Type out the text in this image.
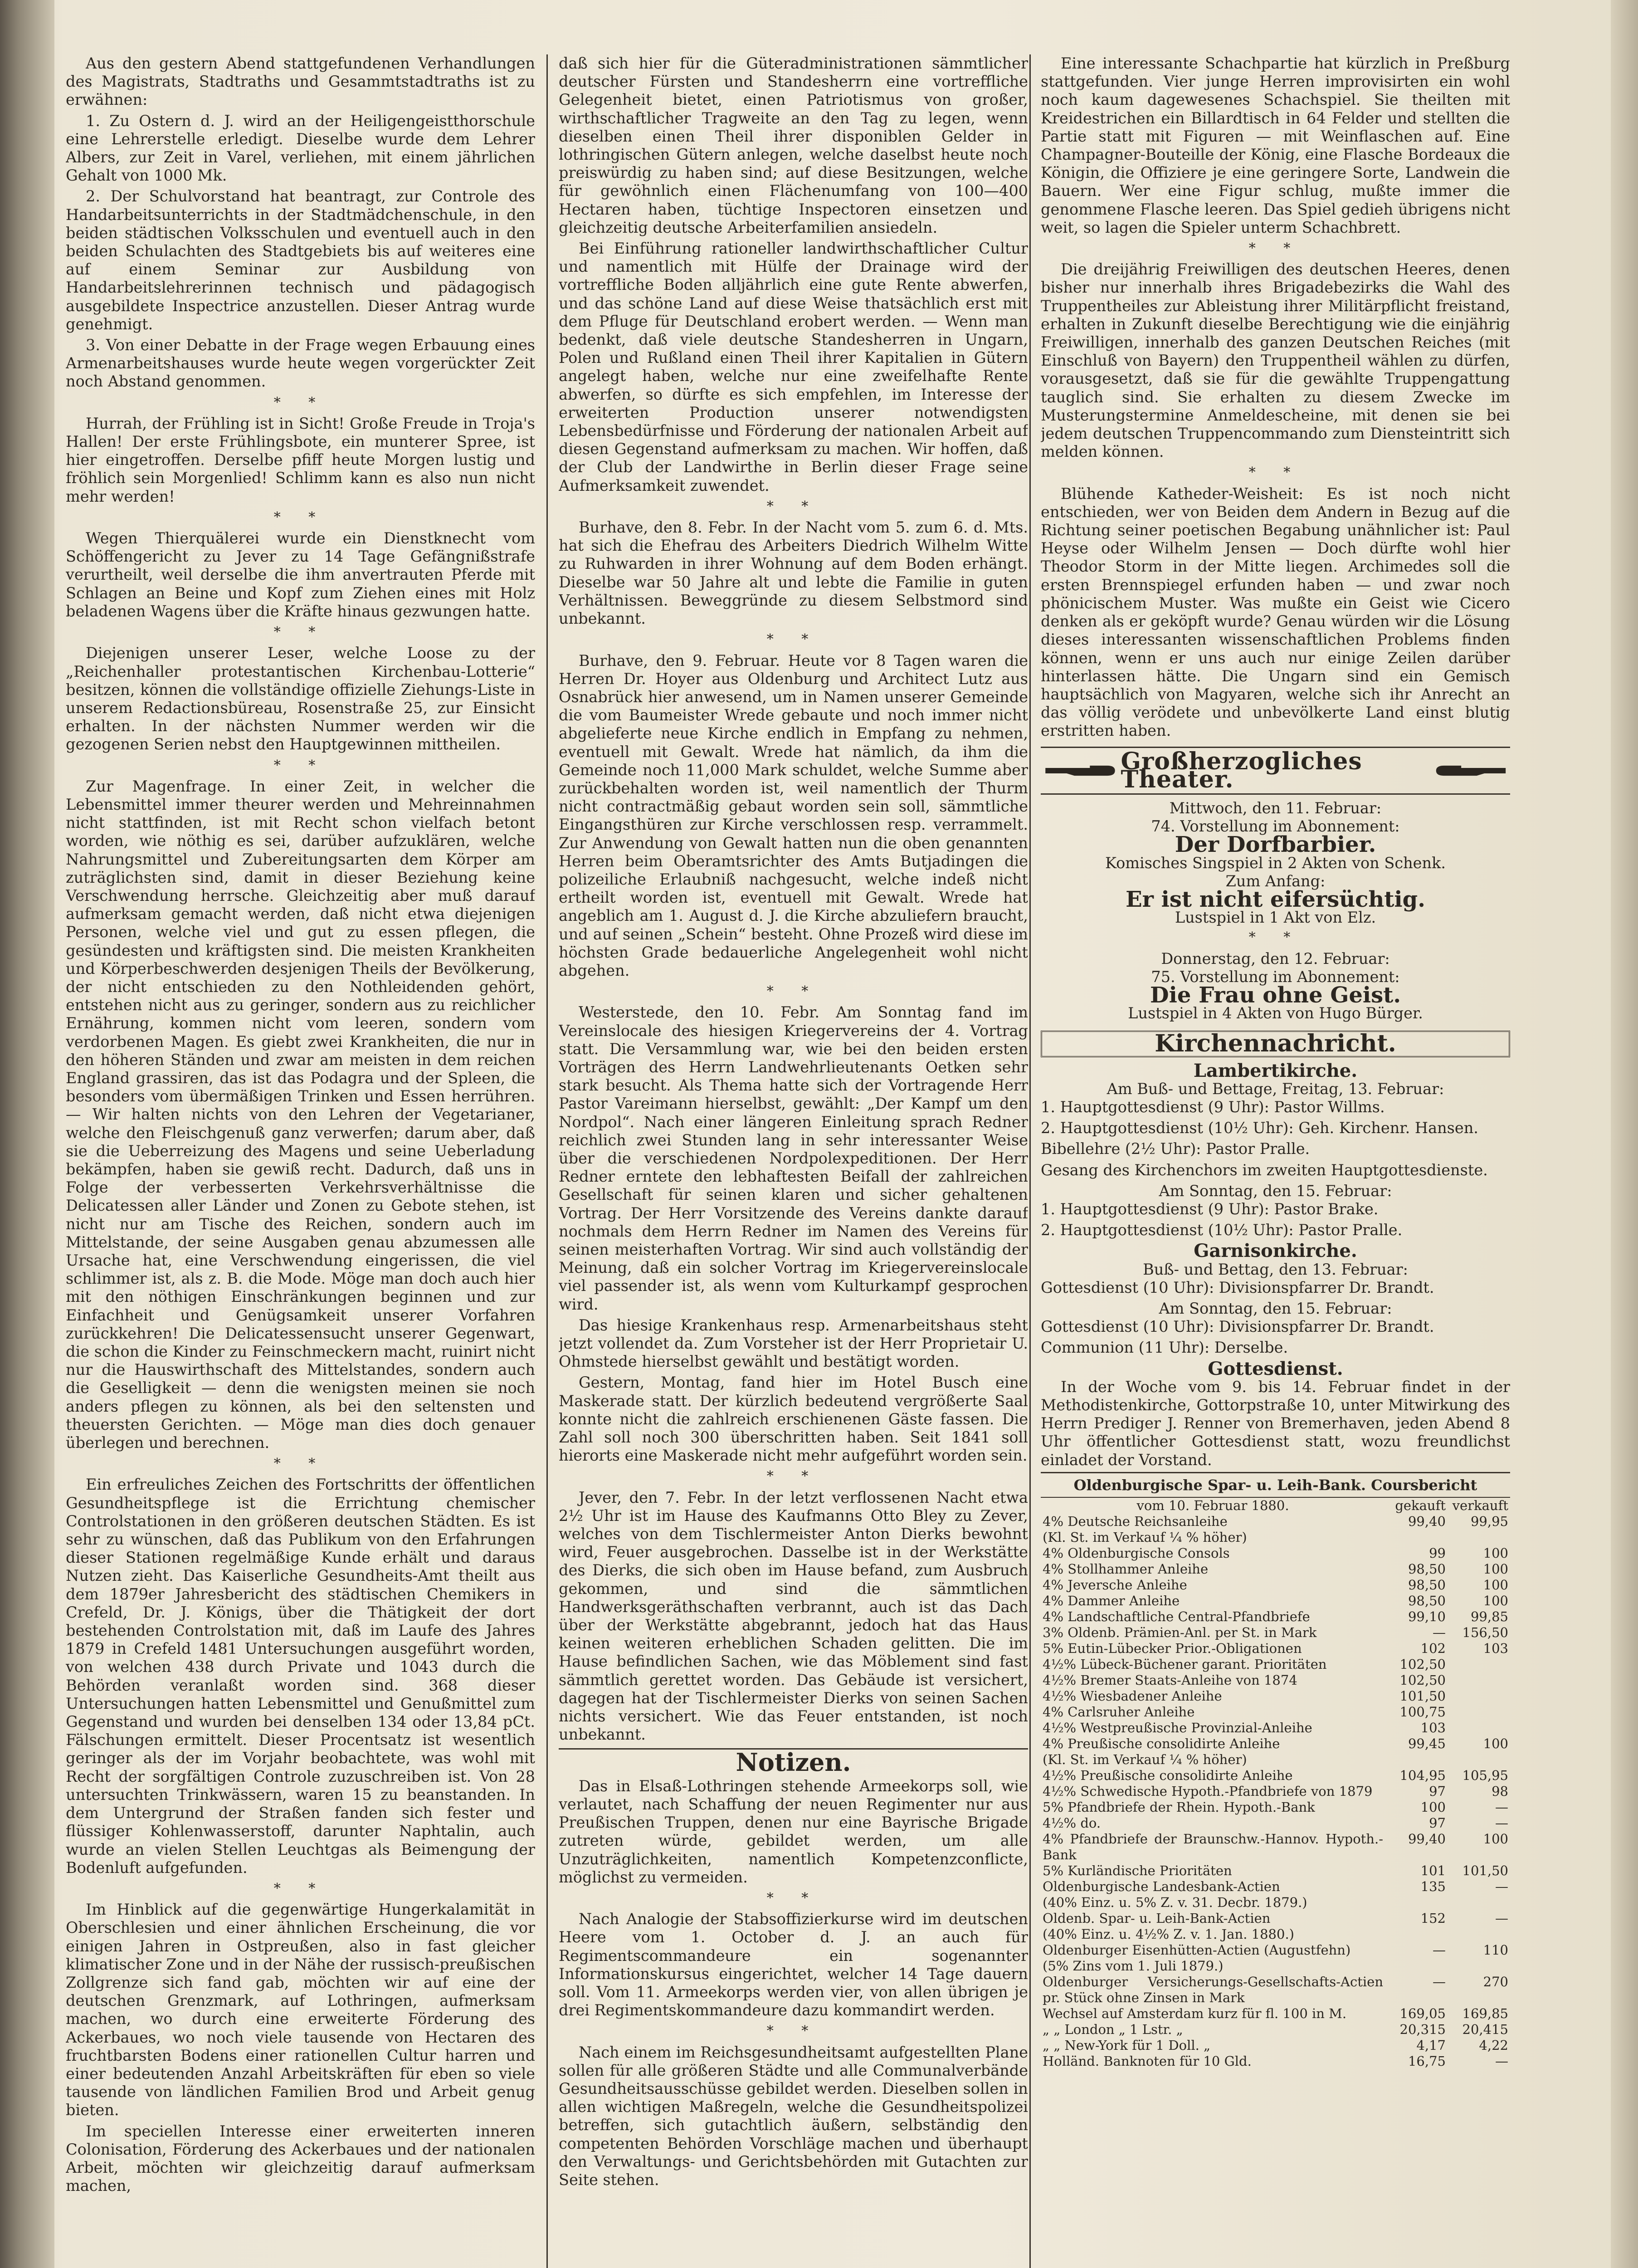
Aus den gestern Abend stattgefundenen Verhandlungen des Magistrats, Stadtraths und Gesammtstadtraths ist zu erwähnen:

1. Zu Ostern d. J. wird an der Heiligengeistthorschule eine Lehrerstelle erledigt. Dieselbe wurde dem Lehrer Albers, zur Zeit in Varel, verliehen, mit einem jährlichen Gehalt von 1000 Mk.

2. Der Schulvorstand hat beantragt, zur Controle des Handarbeitsunterrichts in der Stadtmädchenschule, in den beiden städtischen Volksschulen und eventuell auch in den beiden Schulachten des Stadtgebiets bis auf weiteres eine auf einem Seminar zur Ausbildung von Handarbeitslehrerinnen technisch und pädagogisch ausgebildete Inspectrice anzustellen. Dieser Antrag wurde genehmigt.

3. Von einer Debatte in der Frage wegen Erbauung eines Armenarbeitshauses wurde heute wegen vorgerückter Zeit noch Abstand genommen.

* *

Hurrah, der Frühling ist in Sicht! Große Freude in Troja's Hallen! Der erste Frühlingsbote, ein munterer Spree, ist hier eingetroffen. Derselbe pfiff heute Morgen lustig und fröhlich sein Morgenlied! Schlimm kann es also nun nicht mehr werden!

* *

Wegen Thierquälerei wurde ein Dienstknecht vom Schöffengericht zu Jever zu 14 Tage Gefängnißstrafe verurtheilt, weil derselbe die ihm anvertrauten Pferde mit Schlagen an Beine und Kopf zum Ziehen eines mit Holz beladenen Wagens über die Kräfte hinaus gezwungen hatte.

* *

Diejenigen unserer Leser, welche Loose zu der „Reichenhaller protestantischen Kirchenbau-Lotterie“ besitzen, können die vollständige offizielle Ziehungs-Liste in unserem Redactionsbüreau, Rosenstraße 25, zur Einsicht erhalten. In der nächsten Nummer werden wir die gezogenen Serien nebst den Hauptgewinnen mittheilen.

* *

Zur Magenfrage. In einer Zeit, in welcher die Lebensmittel immer theurer werden und Mehreinnahmen nicht stattfinden, ist mit Recht schon vielfach betont worden, wie nöthig es sei, darüber aufzuklären, welche Nahrungsmittel und Zubereitungsarten dem Körper am zuträglichsten sind, damit in dieser Beziehung keine Verschwendung herrsche. Gleichzeitig aber muß darauf aufmerksam gemacht werden, daß nicht etwa diejenigen Personen, welche viel und gut zu essen pflegen, die gesündesten und kräftigsten sind. Die meisten Krankheiten und Körperbeschwerden desjenigen Theils der Bevölkerung, der nicht entschieden zu den Nothleidenden gehört, entstehen nicht aus zu geringer, sondern aus zu reichlicher Ernährung, kommen nicht vom leeren, sondern vom verdorbenen Magen. Es giebt zwei Krankheiten, die nur in den höheren Ständen und zwar am meisten in dem reichen England grassiren, das ist das Podagra und der Spleen, die besonders vom übermäßigen Trinken und Essen herrühren. — Wir halten nichts von den Lehren der Vegetarianer, welche den Fleischgenuß ganz verwerfen; darum aber, daß sie die Ueberreizung des Magens und seine Ueberladung bekämpfen, haben sie gewiß recht. Dadurch, daß uns in Folge der verbesserten Verkehrsverhältnisse die Delicatessen aller Länder und Zonen zu Gebote stehen, ist nicht nur am Tische des Reichen, sondern auch im Mittelstande, der seine Ausgaben genau abzumessen alle Ursache hat, eine Verschwendung eingerissen, die viel schlimmer ist, als z. B. die Mode. Möge man doch auch hier mit den nöthigen Einschränkungen beginnen und zur Einfachheit und Genügsamkeit unserer Vorfahren zurückkehren! Die Delicatessensucht unserer Gegenwart, die schon die Kinder zu Feinschmeckern macht, ruinirt nicht nur die Hauswirthschaft des Mittelstandes, sondern auch die Geselligkeit — denn die wenigsten meinen sie noch anders pflegen zu können, als bei den seltensten und theuersten Gerichten. — Möge man dies doch genauer überlegen und berechnen.

* *

Ein erfreuliches Zeichen des Fortschritts der öffentlichen Gesundheitspflege ist die Errichtung chemischer Controlstationen in den größeren deutschen Städten. Es ist sehr zu wünschen, daß das Publikum von den Erfahrungen dieser Stationen regelmäßige Kunde erhält und daraus Nutzen zieht. Das Kaiserliche Gesundheits-Amt theilt aus dem 1879er Jahresbericht des städtischen Chemikers in Crefeld, Dr. J. Königs, über die Thätigkeit der dort bestehenden Controlstation mit, daß im Laufe des Jahres 1879 in Crefeld 1481 Untersuchungen ausgeführt worden, von welchen 438 durch Private und 1043 durch die Behörden veranlaßt worden sind. 368 dieser Untersuchungen hatten Lebensmittel und Genußmittel zum Gegenstand und wurden bei denselben 134 oder 13,84 pCt. Fälschungen ermittelt. Dieser Procentsatz ist wesentlich geringer als der im Vorjahr beobachtete, was wohl mit Recht der sorgfältigen Controle zuzuschreiben ist. Von 28 untersuchten Trinkwässern, waren 15 zu beanstanden. In dem Untergrund der Straßen fanden sich fester und flüssiger Kohlenwasserstoff, darunter Naphtalin, auch wurde an vielen Stellen Leuchtgas als Beimengung der Bodenluft aufgefunden.

* *

Im Hinblick auf die gegenwärtige Hungerkalamität in Oberschlesien und einer ähnlichen Erscheinung, die vor einigen Jahren in Ostpreußen, also in fast gleicher klimatischer Zone und in der Nähe der russisch-preußischen Zollgrenze sich fand gab, möchten wir auf eine der deutschen Grenzmark, auf Lothringen, aufmerksam machen, wo durch eine erweiterte Förderung des Ackerbaues, wo noch viele tausende von Hectaren des fruchtbarsten Bodens einer rationellen Cultur harren und einer bedeutenden Anzahl Arbeitskräften für eben so viele tausende von ländlichen Familien Brod und Arbeit genug bieten.

Im speciellen Interesse einer erweiterten inneren Colonisation, Förderung des Ackerbaues und der nationalen Arbeit, möchten wir gleichzeitig darauf aufmerksam machen,

daß sich hier für die Güteradministrationen sämmtlicher deutscher Fürsten und Standesherrn eine vortreffliche Gelegenheit bietet, einen Patriotismus von großer, wirthschaftlicher Tragweite an den Tag zu legen, wenn dieselben einen Theil ihrer disponiblen Gelder in lothringischen Gütern anlegen, welche daselbst heute noch preiswürdig zu haben sind; auf diese Besitzungen, welche für gewöhnlich einen Flächenumfang von 100—400 Hectaren haben, tüchtige Inspectoren einsetzen und gleichzeitig deutsche Arbeiterfamilien ansiedeln.

Bei Einführung rationeller landwirthschaftlicher Cultur und namentlich mit Hülfe der Drainage wird der vortreffliche Boden alljährlich eine gute Rente abwerfen, und das schöne Land auf diese Weise thatsächlich erst mit dem Pfluge für Deutschland erobert werden. — Wenn man bedenkt, daß viele deutsche Standesherren in Ungarn, Polen und Rußland einen Theil ihrer Kapitalien in Gütern angelegt haben, welche nur eine zweifelhafte Rente abwerfen, so dürfte es sich empfehlen, im Interesse der erweiterten Production unserer notwendigsten Lebensbedürfnisse und Förderung der nationalen Arbeit auf diesen Gegenstand aufmerksam zu machen. Wir hoffen, daß der Club der Landwirthe in Berlin dieser Frage seine Aufmerksamkeit zuwendet.

* *

Burhave, den 8. Febr. In der Nacht vom 5. zum 6. d. Mts. hat sich die Ehefrau des Arbeiters Diedrich Wilhelm Witte zu Ruhwarden in ihrer Wohnung auf dem Boden erhängt. Dieselbe war 50 Jahre alt und lebte die Familie in guten Verhältnissen. Beweggründe zu diesem Selbstmord sind unbekannt.

* *

Burhave, den 9. Februar. Heute vor 8 Tagen waren die Herren Dr. Hoyer aus Oldenburg und Architect Lutz aus Osnabrück hier anwesend, um in Namen unserer Gemeinde die vom Baumeister Wrede gebaute und noch immer nicht abgelieferte neue Kirche endlich in Empfang zu nehmen, eventuell mit Gewalt. Wrede hat nämlich, da ihm die Gemeinde noch 11,000 Mark schuldet, welche Summe aber zurückbehalten worden ist, weil namentlich der Thurm nicht contractmäßig gebaut worden sein soll, sämmtliche Eingangsthüren zur Kirche verschlossen resp. verrammelt. Zur Anwendung von Gewalt hatten nun die oben genannten Herren beim Oberamtsrichter des Amts Butjadingen die polizeiliche Erlaubniß nachgesucht, welche indeß nicht ertheilt worden ist, eventuell mit Gewalt. Wrede hat angeblich am 1. August d. J. die Kirche abzuliefern braucht, und auf seinen „Schein“ besteht. Ohne Prozeß wird diese im höchsten Grade bedauerliche Angelegenheit wohl nicht abgehen.

* *

Westerstede, den 10. Febr. Am Sonntag fand im Vereinslocale des hiesigen Kriegervereins der 4. Vortrag statt. Die Versammlung war, wie bei den beiden ersten Vorträgen des Herrn Landwehrlieutenants Oetken sehr stark besucht. Als Thema hatte sich der Vortragende Herr Pastor Vareimann hierselbst, gewählt: „Der Kampf um den Nordpol“. Nach einer längeren Einleitung sprach Redner reichlich zwei Stunden lang in sehr interessanter Weise über die verschiedenen Nordpolexpeditionen. Der Herr Redner erntete den lebhaftesten Beifall der zahlreichen Gesellschaft für seinen klaren und sicher gehaltenen Vortrag. Der Herr Vorsitzende des Vereins dankte darauf nochmals dem Herrn Redner im Namen des Vereins für seinen meisterhaften Vortrag. Wir sind auch vollständig der Meinung, daß ein solcher Vortrag im Kriegervereinslocale viel passender ist, als wenn vom Kulturkampf gesprochen wird.

Das hiesige Krankenhaus resp. Armenarbeitshaus steht jetzt vollendet da. Zum Vorsteher ist der Herr Proprietair U. Ohmstede hierselbst gewählt und bestätigt worden.

Gestern, Montag, fand hier im Hotel Busch eine Maskerade statt. Der kürzlich bedeutend vergrößerte Saal konnte nicht die zahlreich erschienenen Gäste fassen. Die Zahl soll noch 300 überschritten haben. Seit 1841 soll hierorts eine Maskerade nicht mehr aufgeführt worden sein.

* *

Jever, den 7. Febr. In der letzt verflossenen Nacht etwa 2½ Uhr ist im Hause des Kaufmanns Otto Bley zu Zever, welches von dem Tischlermeister Anton Dierks bewohnt wird, Feuer ausgebrochen. Dasselbe ist in der Werkstätte des Dierks, die sich oben im Hause befand, zum Ausbruch gekommen, und sind die sämmtlichen Handwerksgeräthschaften verbrannt, auch ist das Dach über der Werkstätte abgebrannt, jedoch hat das Haus keinen weiteren erheblichen Schaden gelitten. Die im Hause befindlichen Sachen, wie das Möblement sind fast sämmtlich gerettet worden. Das Gebäude ist versichert, dagegen hat der Tischlermeister Dierks von seinen Sachen nichts versichert. Wie das Feuer entstanden, ist noch unbekannt.

Notizen.

Das in Elsaß-Lothringen stehende Armeekorps soll, wie verlautet, nach Schaffung der neuen Regimenter nur aus Preußischen Truppen, denen nur eine Bayrische Brigade zutreten würde, gebildet werden, um alle Unzuträglichkeiten, namentlich Kompetenzconflicte, möglichst zu vermeiden.

* *

Nach Analogie der Stabsoffizierkurse wird im deutschen Heere vom 1. October d. J. an auch für Regimentscommandeure ein sogenannter Informationskursus eingerichtet, welcher 14 Tage dauern soll. Vom 11. Armeekorps werden vier, von allen übrigen je drei Regimentskommandeure dazu kommandirt werden.

* *

Nach einem im Reichsgesundheitsamt aufgestellten Plane sollen für alle größeren Städte und alle Communalverbände Gesundheitsausschüsse gebildet werden. Dieselben sollen in allen wichtigen Maßregeln, welche die Gesundheitspolizei betreffen, sich gutachtlich äußern, selbständig den competenten Behörden Vorschläge machen und überhaupt den Verwaltungs- und Gerichtsbehörden mit Gutachten zur Seite stehen.

Eine interessante Schachpartie hat kürzlich in Preßburg stattgefunden. Vier junge Herren improvisirten ein wohl noch kaum dagewesenes Schachspiel. Sie theilten mit Kreidestrichen ein Billardtisch in 64 Felder und stellten die Partie statt mit Figuren — mit Weinflaschen auf. Eine Champagner-Bouteille der König, eine Flasche Bordeaux die Königin, die Offiziere je eine geringere Sorte, Landwein die Bauern. Wer eine Figur schlug, mußte immer die genommene Flasche leeren. Das Spiel gedieh übrigens nicht weit, so lagen die Spieler unterm Schachbrett.

* *

Die dreijährig Freiwilligen des deutschen Heeres, denen bisher nur innerhalb ihres Brigadebezirks die Wahl des Truppentheiles zur Ableistung ihrer Militärpflicht freistand, erhalten in Zukunft dieselbe Berechtigung wie die einjährig Freiwilligen, innerhalb des ganzen Deutschen Reiches (mit Einschluß von Bayern) den Truppentheil wählen zu dürfen, vorausgesetzt, daß sie für die gewählte Truppengattung tauglich sind. Sie erhalten zu diesem Zwecke im Musterungstermine Anmeldescheine, mit denen sie bei jedem deutschen Truppencommando zum Diensteintritt sich melden können.

* *

Blühende Katheder-Weisheit: Es ist noch nicht entschieden, wer von Beiden dem Andern in Bezug auf die Richtung seiner poetischen Begabung unähnlicher ist: Paul Heyse oder Wilhelm Jensen — Doch dürfte wohl hier Theodor Storm in der Mitte liegen. Archimedes soll die ersten Brennspiegel erfunden haben — und zwar noch phönicischem Muster. Was mußte ein Geist wie Cicero denken als er geköpft wurde? Genau würden wir die Lösung dieses interessanten wissenschaftlichen Problems finden können, wenn er uns auch nur einige Zeilen darüber hinterlassen hätte. Die Ungarn sind ein Gemisch hauptsächlich von Magyaren, welche sich ihr Anrecht an das völlig verödete und unbevölkerte Land einst blutig erstritten haben.

Großherzogliches Theater.
Mittwoch, den 11. Februar:
74. Vorstellung im Abonnement:
Der Dorfbarbier.
Komisches Singspiel in 2 Akten von Schenk.
Zum Anfang:
Er ist nicht eifersüchtig.
Lustspiel in 1 Akt von Elz.
* *
Donnerstag, den 12. Februar:
75. Vorstellung im Abonnement:
Die Frau ohne Geist.
Lustspiel in 4 Akten von Hugo Bürger.
Kirchennachricht.
Lambertikirche.
Am Buß- und Bettage, Freitag, 13. Februar:

1. Hauptgottesdienst (9 Uhr): Pastor Willms.

2. Hauptgottesdienst (10½ Uhr): Geh. Kirchenr. Hansen.

Bibellehre (2½ Uhr): Pastor Pralle.

Gesang des Kirchenchors im zweiten Hauptgottesdienste.

Am Sonntag, den 15. Februar:

1. Hauptgottesdienst (9 Uhr): Pastor Brake.

2. Hauptgottesdienst (10½ Uhr): Pastor Pralle.

Garnisonkirche.
Buß- und Bettag, den 13. Februar:

Gottesdienst (10 Uhr): Divisionspfarrer Dr. Brandt.

Am Sonntag, den 15. Februar:

Gottesdienst (10 Uhr): Divisionspfarrer Dr. Brandt.

Communion (11 Uhr): Derselbe.

Gottesdienst.

In der Woche vom 9. bis 14. Februar findet in der Methodistenkirche, Gottorpstraße 10, unter Mitwirkung des Herrn Prediger J. Renner von Bremerhaven, jeden Abend 8 Uhr öffentlicher Gottesdienst statt, wozu freundlichst einladet der Vorstand.

Oldenburgische Spar- u. Leih-Bank. Coursbericht
vom 10. Februar 1880.	gekauft	verkauft
4% Deutsche Reichsanleihe	99,40	99,95
(Kl. St. im Verkauf ¼ % höher)		
4% Oldenburgische Consols	99	100
4% Stollhammer Anleihe	98,50	100
4% Jeversche Anleihe	98,50	100
4% Dammer Anleihe	98,50	100
4% Landschaftliche Central-Pfandbriefe	99,10	99,85
3% Oldenb. Prämien-Anl. per St. in Mark	—	156,50
5% Eutin-Lübecker Prior.-Obligationen	102	103
4½% Lübeck-Büchener garant. Prioritäten	102,50	
4½% Bremer Staats-Anleihe von 1874	102,50	
4½% Wiesbadener Anleihe	101,50	
4% Carlsruher Anleihe	100,75	
4½% Westpreußische Provinzial-Anleihe	103	
4% Preußische consolidirte Anleihe	99,45	100
(Kl. St. im Verkauf ¼ % höher)		
4½% Preußische consolidirte Anleihe	104,95	105,95
4½% Schwedische Hypoth.-Pfandbriefe von 1879	97	98
5% Pfandbriefe der Rhein. Hypoth.-Bank	100	—
4½% do.	97	—
4% Pfandbriefe der Braunschw.-Hannov. Hypoth.-Bank	99,40	100
5% Kurländische Prioritäten	101	101,50
Oldenburgische Landesbank-Actien	135	—
(40% Einz. u. 5% Z. v. 31. Decbr. 1879.)		
Oldenb. Spar- u. Leih-Bank-Actien	152	—
(40% Einz. u. 4½% Z. v. 1. Jan. 1880.)		
Oldenburger Eisenhütten-Actien (Augustfehn)	—	110
(5% Zins vom 1. Juli 1879.)		
Oldenburger Versicherungs-Gesellschafts-Actien pr. Stück ohne Zinsen in Mark	—	270
Wechsel auf Amsterdam kurz für fl. 100 in M.	169,05	169,85
„ „ London „ 1 Lstr. „	20,315	20,415
„ „ New-York für 1 Doll. „	4,17	4,22
Holländ. Banknoten für 10 Gld.	16,75	—
